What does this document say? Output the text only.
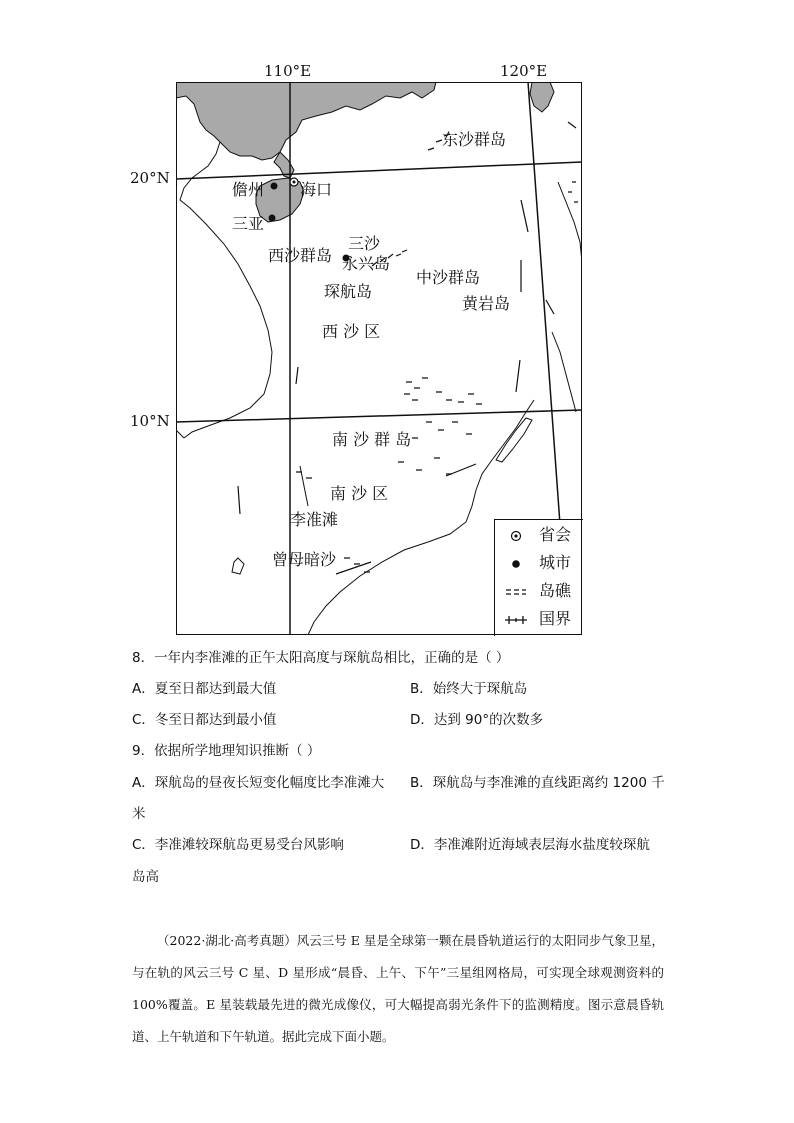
110°E	120°E
20°N
10°N
东沙群岛
儋州 海口
三亚
三沙
西沙群岛 永兴岛
中沙群岛
琛航岛
黄岩岛
西 沙 区
南 沙 群 岛
南 沙 区
李准滩
曾母暗沙
省会
城市
岛礁
国界
8．一年内李准滩的正午太阳高度与琛航岛相比，正确的是（ ）
A．夏至日都达到最大值	B．始终大于琛航岛
C．冬至日都达到最小值	D．达到 90°的次数多
9．依据所学地理知识推断（ ）
A．琛航岛的昼夜长短变化幅度比李准滩大 B．琛航岛与李准滩的直线距离约 1200 千
米
C．李准滩较琛航岛更易受台风影响	D．李准滩附近海域表层海水盐度较琛航
岛高
（2022·湖北·高考真题）风云三号 E 星是全球第一颗在晨昏轨道运行的太阳同步气象卫星，与在轨的风云三号 C 星、D 星形成“晨昏、上午、下午”三星组网格局，可实现全球观测资料的 100%覆盖。E 星装载最先进的微光成像仪，可大幅提高弱光条件下的监测精度。图示意晨昏轨道、上午轨道和下午轨道。据此完成下面小题。
